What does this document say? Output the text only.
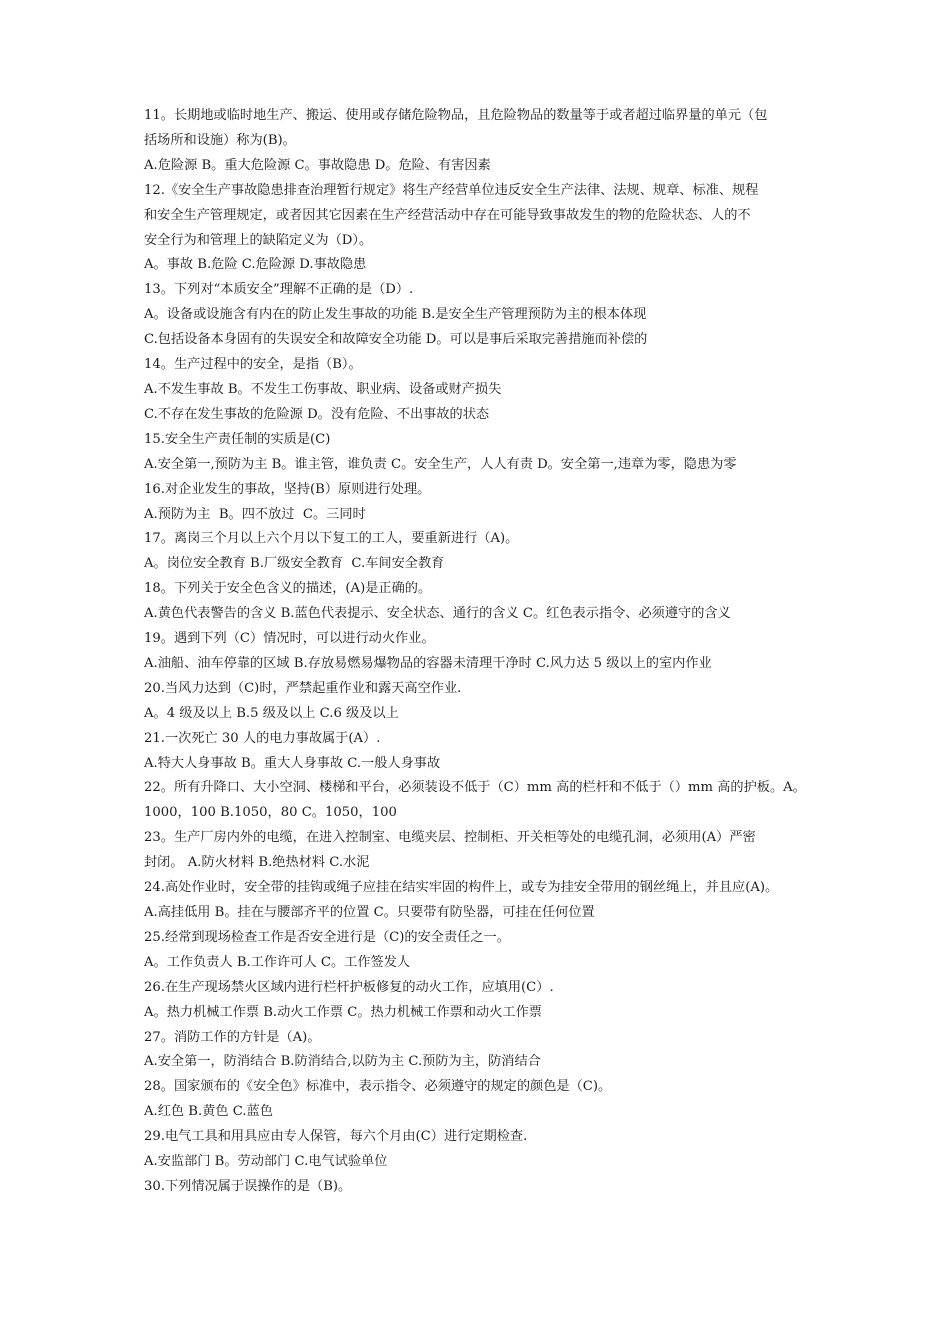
11。长期地或临时地生产、搬运、使用或存储危险物品，且危险物品的数量等于或者超过临界量的单元（包

括场所和设施）称为(B)。

A.危险源 B。重大危险源 C。事故隐患 D。危险、有害因素

12.《安全生产事故隐患排查治理暂行规定》将生产经营单位违反安全生产法律、法规、规章、标准、规程

和安全生产管理规定，或者因其它因素在生产经营活动中存在可能导致事故发生的物的危险状态、人的不

安全行为和管理上的缺陷定义为（D）。

A。事故 B.危险 C.危险源 D.事故隐患

13。下列对“本质安全”理解不正确的是（D）.

A。设备或设施含有内在的防止发生事故的功能 B.是安全生产管理预防为主的根本体现

C.包括设备本身固有的失误安全和故障安全功能 D。可以是事后采取完善措施而补偿的

14。生产过程中的安全，是指（B）。

A.不发生事故 B。不发生工伤事故、职业病、设备或财产损失

C.不存在发生事故的危险源 D。没有危险、不出事故的状态

15.安全生产责任制的实质是(C)

A.安全第一,预防为主 B。谁主管，谁负责 C。安全生产，人人有责 D。安全第一,违章为零，隐患为零

16.对企业发生的事故，坚持(B）原则进行处理。

A.预防为主  B。四不放过  C。三同时

17。离岗三个月以上六个月以下复工的工人，要重新进行（A)。

A。岗位安全教育 B.厂级安全教育  C.车间安全教育

18。下列关于安全色含义的描述，(A)是正确的。

A.黄色代表警告的含义 B.蓝色代表提示、安全状态、通行的含义 C。红色表示指令、必须遵守的含义

19。遇到下列（C）情况时，可以进行动火作业。

A.油船、油车停靠的区域 B.存放易燃易爆物品的容器未清理干净时 C.风力达 5 级以上的室内作业

20.当风力达到（C)时，严禁起重作业和露天高空作业.

A。4 级及以上 B.5 级及以上 C.6 级及以上

21.一次死亡 30 人的电力事故属于(A）.

A.特大人身事故 B。重大人身事故 C.一般人身事故

22。所有升降口、大小空洞、楼梯和平台，必须装设不低于（C）mm 高的栏杆和不低于（）mm 高的护板。A。

1000，100 B.1050，80 C。1050，100

23。生产厂房内外的电缆，在进入控制室、电缆夹层、控制柜、开关柜等处的电缆孔洞，必须用(A）严密

封闭。 A.防火材料 B.绝热材料 C.水泥

24.高处作业时，安全带的挂钩或绳子应挂在结实牢固的构件上，或专为挂安全带用的钢丝绳上，并且应(A)。

A.高挂低用 B。挂在与腰部齐平的位置 C。只要带有防坠器，可挂在任何位置

25.经常到现场检查工作是否安全进行是（C)的安全责任之一。

A。工作负责人 B.工作许可人 C。工作签发人

26.在生产现场禁火区域内进行栏杆护板修复的动火工作，应填用(C）.

A。热力机械工作票 B.动火工作票 C。热力机械工作票和动火工作票

27。消防工作的方针是（A)。

A.安全第一，防消结合 B.防消结合,以防为主 C.预防为主，防消结合

28。国家颁布的《安全色》标准中，表示指令、必须遵守的规定的颜色是（C)。

A.红色 B.黄色 C.蓝色

29.电气工具和用具应由专人保管，每六个月由(C）进行定期检查.

A.安监部门 B。劳动部门 C.电气试验单位

30.下列情况属于误操作的是（B)。
